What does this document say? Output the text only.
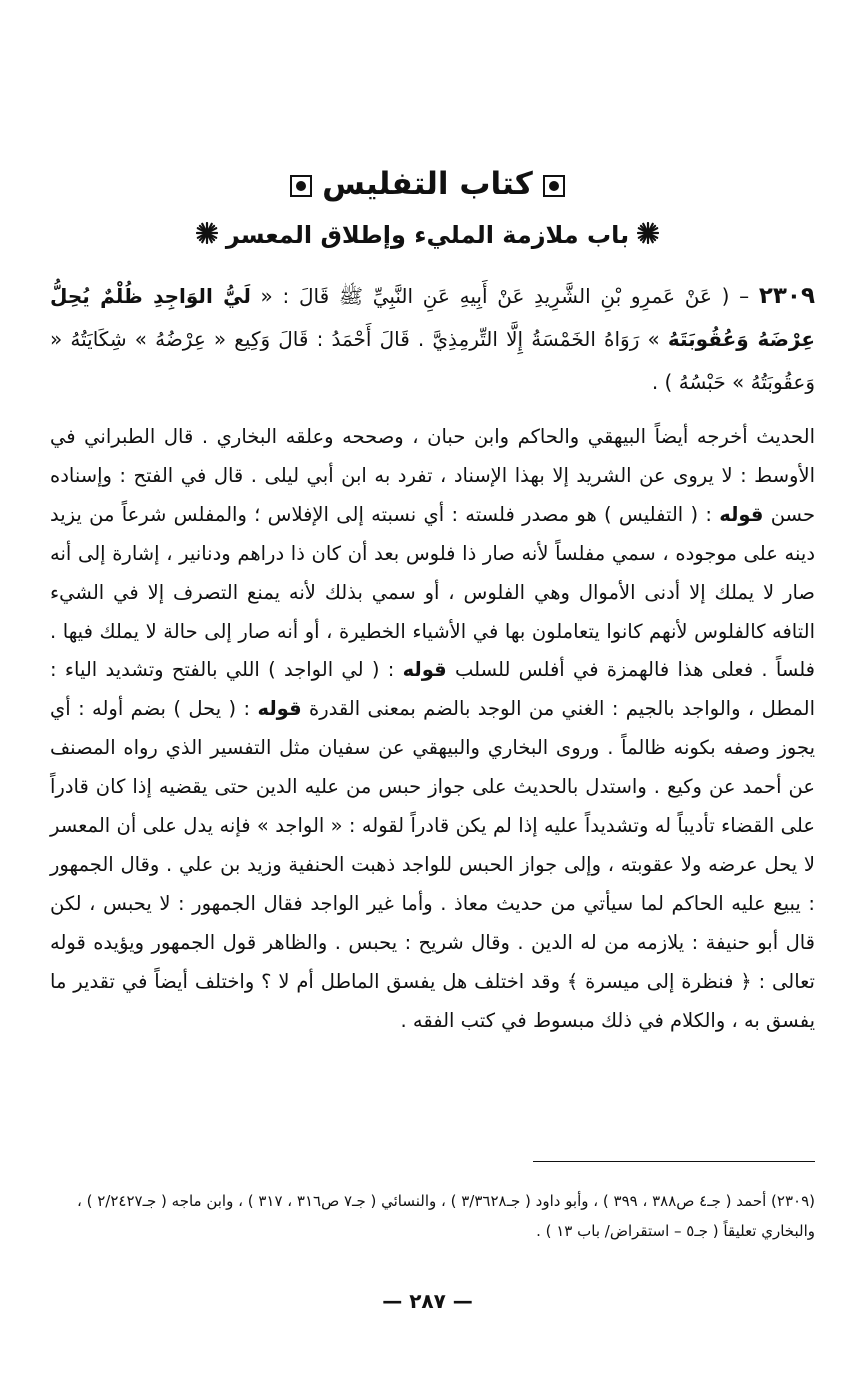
كتاب التفليس
باب ملازمة المليء وإطلاق المعسر

٢٣٠٩ – ( عَنْ عَمرِو بْنِ الشَّرِيدِ عَنْ أَبِيهِ عَنِ النَّبِيِّ ﷺ قَالَ : « لَيُّ الوَاجِدِ ظُلْمٌ يُحِلُّ عِرْضَهُ وَعُقُوبَتَهُ » رَوَاهُ الخَمْسَةُ إِلَّا التِّرمِذِيَّ . قَالَ أَحْمَدُ : قَالَ وَكِيع « عِرْضُهُ » شِكَايَتُهُ « وَعقُوبَتُهُ » حَبْسُهُ ) .

الحديث أخرجه أيضاً البيهقي والحاكم وابن حبان ، وصححه وعلقه البخاري . قال الطبراني في الأوسط : لا يروى عن الشريد إلا بهذا الإسناد ، تفرد به ابن أبي ليلى . قال في الفتح : وإسناده حسن قوله : ( التفليس ) هو مصدر فلسته : أي نسبته إلى الإفلاس ؛ والمفلس شرعاً من يزيد دينه على موجوده ، سمي مفلساً لأنه صار ذا فلوس بعد أن كان ذا دراهم ودنانير ، إشارة إلى أنه صار لا يملك إلا أدنى الأموال وهي الفلوس ، أو سمي بذلك لأنه يمنع التصرف إلا في الشيء التافه كالفلوس لأنهم كانوا يتعاملون بها في الأشياء الخطيرة ، أو أنه صار إلى حالة لا يملك فيها . فلساً . فعلى هذا فالهمزة في أفلس للسلب قوله : ( لي الواجد ) اللي بالفتح وتشديد الياء : المطل ، والواجد بالجيم : الغني من الوجد بالضم بمعنى القدرة قوله : ( يحل ) بضم أوله : أي يجوز وصفه بكونه ظالماً . وروى البخاري والبيهقي عن سفيان مثل التفسير الذي رواه المصنف عن أحمد عن وكيع . واستدل بالحديث على جواز حبس من عليه الدين حتى يقضيه إذا كان قادراً على القضاء تأديباً له وتشديداً عليه إذا لم يكن قادراً لقوله : « الواجد » فإنه يدل على أن المعسر لا يحل عرضه ولا عقوبته ، وإلى جواز الحبس للواجد ذهبت الحنفية وزيد بن علي . وقال الجمهور : يبيع عليه الحاكم لما سيأتي من حديث معاذ . وأما غير الواجد فقال الجمهور : لا يحبس ، لكن قال أبو حنيفة : يلازمه من له الدين . وقال شريح : يحبس . والظاهر قول الجمهور ويؤيده قوله تعالى : ﴿ فنظرة إلى ميسرة ﴾ وقد اختلف هل يفسق الماطل أم لا ؟ واختلف أيضاً في تقدير ما يفسق به ، والكلام في ذلك مبسوط في كتب الفقه .

(٢٣٠٩) أحمد ( جـ٤ ص٣٨٨ ، ٣٩٩ ) ، وأبو داود ( جـ٣/٣٦٢٨ ) ، والنسائي ( جـ٧ ص٣١٦ ، ٣١٧ ) ، وابن ماجه ( جـ٢/٢٤٢٧ ) ، والبخاري تعليقاً ( جـ٥ – استقراض/ باب ١٣ ) .

— ٢٨٧ —
